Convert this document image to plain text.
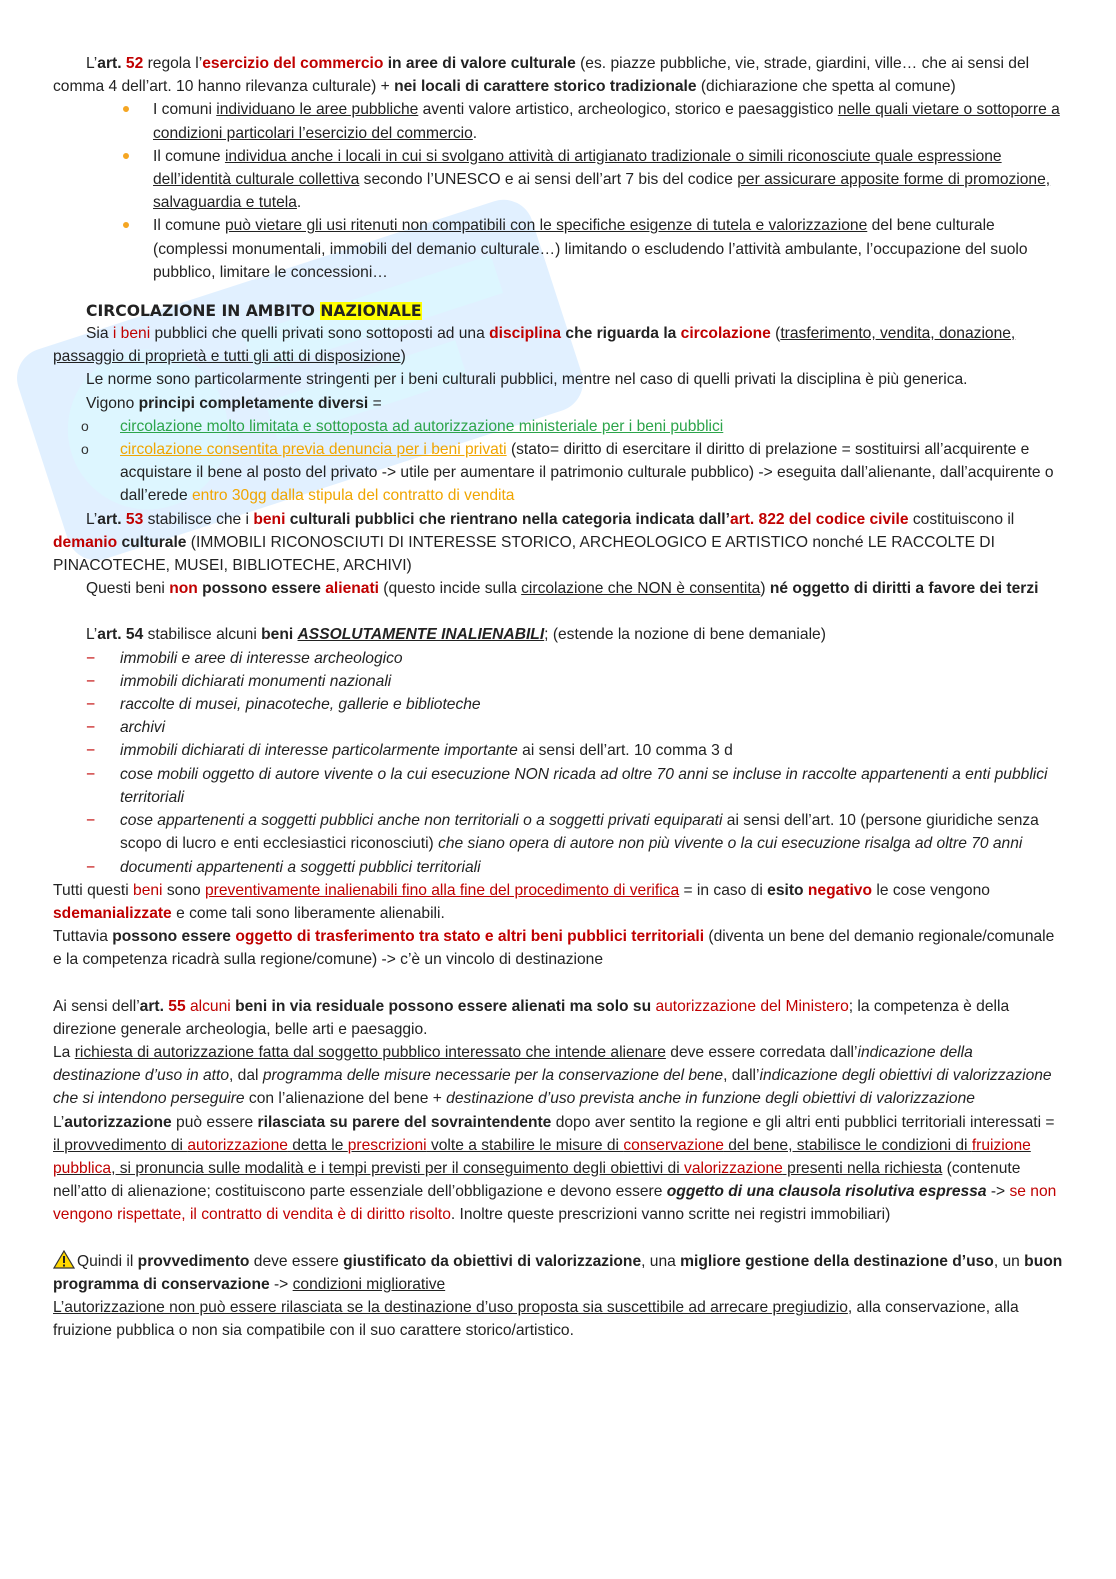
L’art. 52 regola l’esercizio del commercio in aree di valore culturale (es. piazze pubbliche, vie, strade, giardini, ville… che ai sensi del comma 4 dell’art. 10 hanno rilevanza culturale) + nei locali di carattere storico tradizionale (dichiarazione che spetta al comune)

I comuni individuano le aree pubbliche aventi valore artistico, archeologico, storico e paesaggistico nelle quali vietare o sottoporre a condizioni particolari l’esercizio del commercio.
Il comune individua anche i locali in cui si svolgano attività di artigianato tradizionale o simili riconosciute quale espressione dell’identità culturale collettiva secondo l’UNESCO e ai sensi dell’art 7 bis del codice per assicurare apposite forme di promozione, salvaguardia e tutela.
Il comune può vietare gli usi ritenuti non compatibili con le specifiche esigenze di tutela e valorizzazione del bene culturale (complessi monumentali, immobili del demanio culturale…) limitando o escludendo l’attività ambulante, l’occupazione del suolo pubblico, limitare le concessioni…
CIRCOLAZIONE IN AMBITO NAZIONALE

Sia i beni pubblici che quelli privati sono sottoposti ad una disciplina che riguarda la circolazione (trasferimento, vendita, donazione, passaggio di proprietà e tutti gli atti di disposizione)

Le norme sono particolarmente stringenti per i beni culturali pubblici, mentre nel caso di quelli privati la disciplina è più generica.

Vigono principi completamente diversi =

o circolazione molto limitata e sottoposta ad autorizzazione ministeriale per i beni pubblici
o circolazione consentita previa denuncia per i beni privati (stato= diritto di esercitare il diritto di prelazione = sostituirsi all’acquirente e acquistare il bene al posto del privato -> utile per aumentare il patrimonio culturale pubblico) -> eseguita dall’alienante, dall’acquirente o dall’erede entro 30gg dalla stipula del contratto di vendita

L’art. 53 stabilisce che i beni culturali pubblici che rientrano nella categoria indicata dall’art. 822 del codice civile costituiscono il demanio culturale (IMMOBILI RICONOSCIUTI DI INTERESSE STORICO, ARCHEOLOGICO E ARTISTICO nonché LE RACCOLTE DI PINACOTECHE, MUSEI, BIBLIOTECHE, ARCHIVI)

Questi beni non possono essere alienati (questo incide sulla circolazione che NON è consentita) né oggetto di diritti a favore dei terzi

L’art. 54 stabilisce alcuni beni ASSOLUTAMENTE INALIENABILI; (estende la nozione di bene demaniale)

− immobili e aree di interesse archeologico
− immobili dichiarati monumenti nazionali
− raccolte di musei, pinacoteche, gallerie e biblioteche
− archivi
− immobili dichiarati di interesse particolarmente importante ai sensi dell’art. 10 comma 3 d
− cose mobili oggetto di autore vivente o la cui esecuzione NON ricada ad oltre 70 anni se incluse in raccolte appartenenti a enti pubblici territoriali
− cose appartenenti a soggetti pubblici anche non territoriali o a soggetti privati equiparati ai sensi dell’art. 10 (persone giuridiche senza scopo di lucro e enti ecclesiastici riconosciuti) che siano opera di autore non più vivente o la cui esecuzione risalga ad oltre 70 anni
− documenti appartenenti a soggetti pubblici territoriali

Tutti questi beni sono preventivamente inalienabili fino alla fine del procedimento di verifica = in caso di esito negativo le cose vengono sdemanializzate e come tali sono liberamente alienabili.

Tuttavia possono essere oggetto di trasferimento tra stato e altri beni pubblici territoriali (diventa un bene del demanio regionale/comunale e la competenza ricadrà sulla regione/comune) -> c’è un vincolo di destinazione

Ai sensi dell’art. 55 alcuni beni in via residuale possono essere alienati ma solo su autorizzazione del Ministero; la competenza è della direzione generale archeologia, belle arti e paesaggio.

La richiesta di autorizzazione fatta dal soggetto pubblico interessato che intende alienare deve essere corredata dall’indicazione della destinazione d’uso in atto, dal programma delle misure necessarie per la conservazione del bene, dall’indicazione degli obiettivi di valorizzazione che si intendono perseguire con l’alienazione del bene + destinazione d’uso prevista anche in funzione degli obiettivi di valorizzazione

L’autorizzazione può essere rilasciata su parere del sovraintendente dopo aver sentito la regione e gli altri enti pubblici territoriali interessati = il provvedimento di autorizzazione detta le prescrizioni volte a stabilire le misure di conservazione del bene, stabilisce le condizioni di fruizione pubblica, si pronuncia sulle modalità e i tempi previsti per il conseguimento degli obiettivi di valorizzazione presenti nella richiesta (contenute nell’atto di alienazione; costituiscono parte essenziale dell’obbligazione e devono essere oggetto di una clausola risolutiva espressa -> se non vengono rispettate, il contratto di vendita è di diritto risolto. Inoltre queste prescrizioni vanno scritte nei registri immobiliari)

Quindi il provvedimento deve essere giustificato da obiettivi di valorizzazione, una migliore gestione della destinazione d’uso, un buon programma di conservazione -> condizioni migliorative

L’autorizzazione non può essere rilasciata se la destinazione d’uso proposta sia suscettibile ad arrecare pregiudizio, alla conservazione, alla fruizione pubblica o non sia compatibile con il suo carattere storico/artistico.
